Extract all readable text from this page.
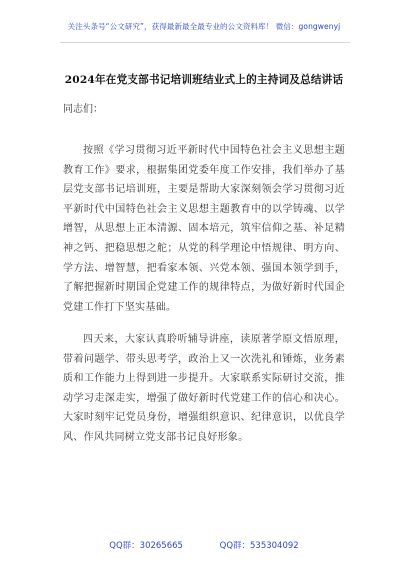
关注头条号“公文研究”，获得最新最全最专业的公文资料库！ 微信：gongwenyj
2024年在党支部书记培训班结业式上的主持词及总结讲话
同志们：

按照《学习贯彻习近平新时代中国特色社会主义思想主题教育工作》要求，根据集团党委年度工作安排，我们举办了基层党支部书记培训班，主要是帮助大家深刻领会学习贯彻习近平新时代中国特色社会主义思想主题教育中的以学铸魂、以学增智，从思想上正本清源、固本培元，筑牢信仰之基、补足精神之钙、把稳思想之舵；从党的科学理论中悟规律、明方向、学方法、增智慧，把看家本领、兴党本领、强国本领学到手，了解把握新时期国企党建工作的规律特点，为做好新时代国企党建工作打下坚实基础。

四天来，大家认真聆听辅导讲座，读原著学原文悟原理，带着问题学、带头思考学，政治上又一次洗礼和锤炼，业务素质和工作能力上得到进一步提升。大家联系实际研讨交流，推动学习走深走实，增强了做好新时代党建工作的信心和决心。大家时刻牢记党员身份，增强组织意识、纪律意识，以优良学风、作风共同树立党支部书记良好形象。

QQ群：30265665	QQ群：535304092
